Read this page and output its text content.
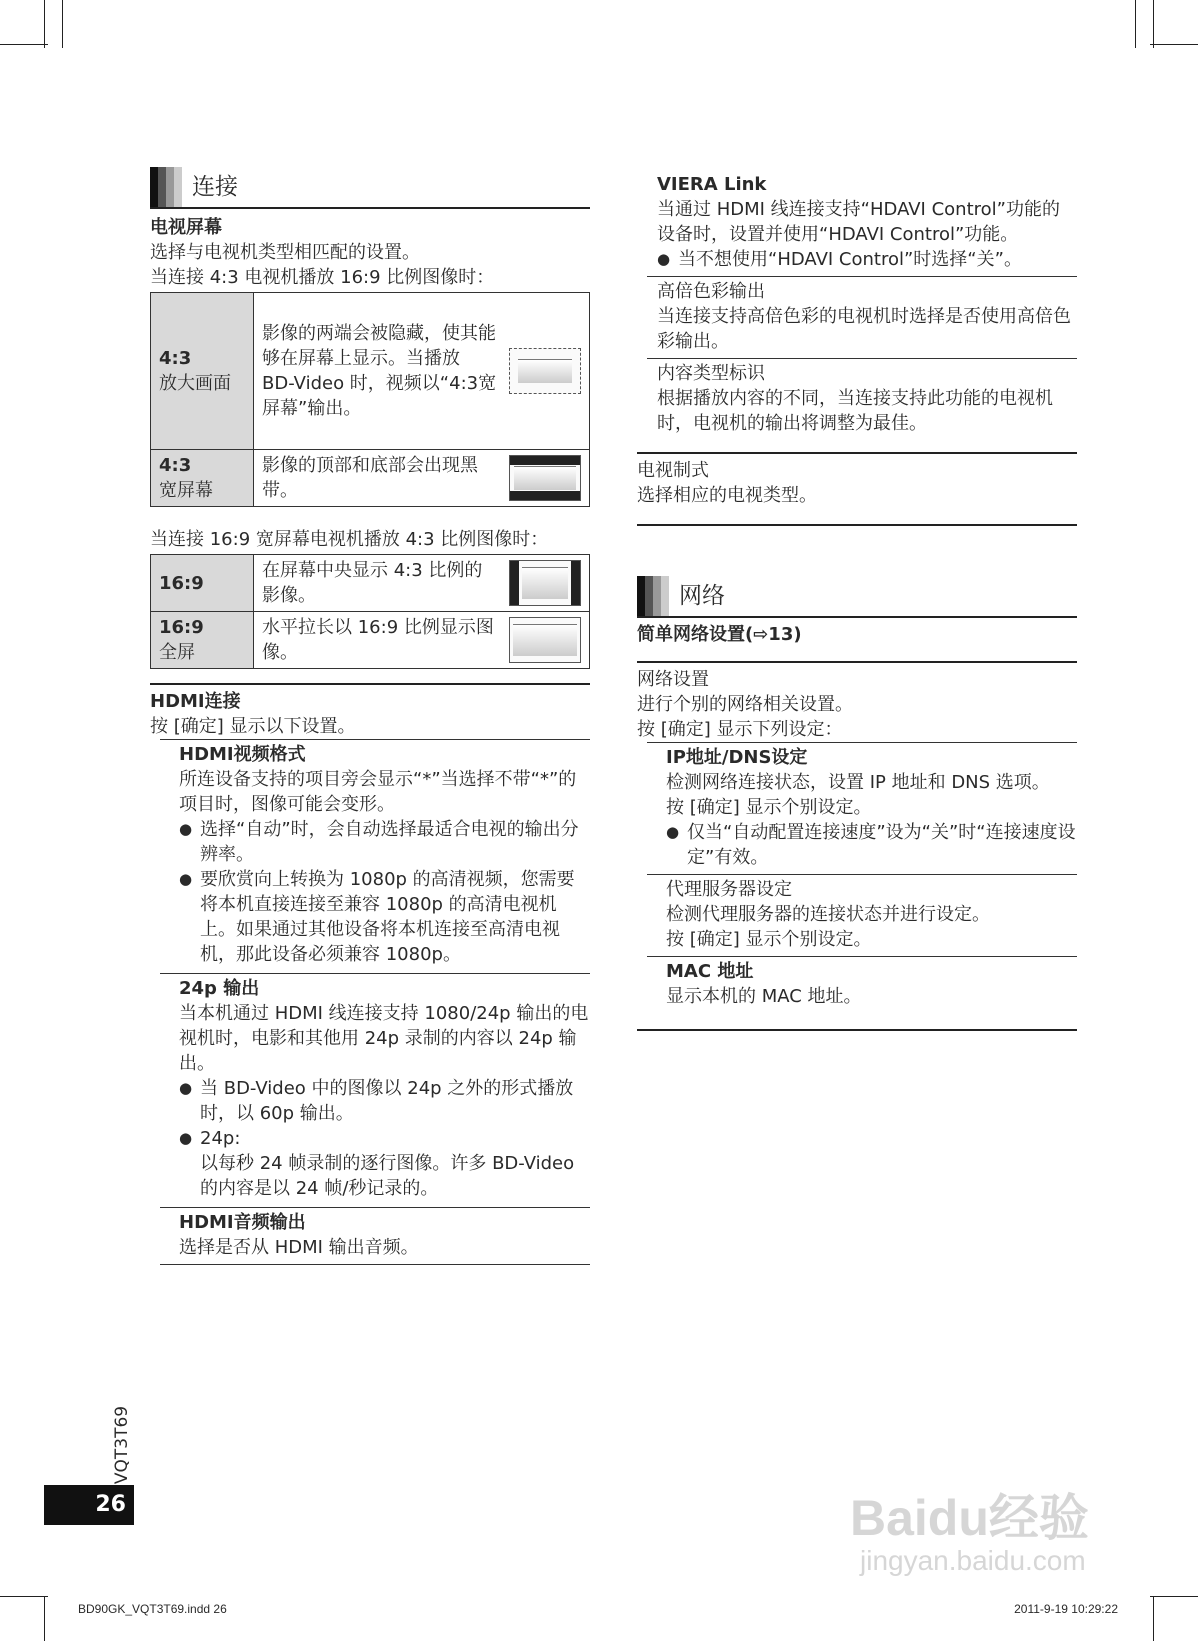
连接
电视屏幕

选择与电视机类型相匹配的设置。

当连接 4:3 电视机播放 16:9 比例图像时：

4:3
放大画面	影像的两端会被隐藏，使其能够在屏幕上显示。当播放 BD-Video 时，视频以“4:3宽屏幕”输出。

4:3
宽屏幕	影像的顶部和底部会出现黑带。

当连接 16:9 宽屏幕电视机播放 4:3 比例图像时：

16:9	在屏幕中央显示 4:3 比例的影像。

16:9
全屏	水平拉长以 16:9 比例显示图像。
HDMI连接

按 [确定] 显示以下设置。

HDMI视频格式

所连设备支持的项目旁会显示“*”当选择不带“*”的项目时，图像可能会变形。

● 选择“自动”时，会自动选择最适合电视的输出分辨率。
● 要欣赏向上转换为 1080p 的高清视频，您需要将本机直接连接至兼容 1080p 的高清电视机上。如果通过其他设备将本机连接至高清电视机，那此设备必须兼容 1080p。
24p 输出

当本机通过 HDMI 线连接支持 1080/24p 输出的电视机时，电影和其他用 24p 录制的内容以 24p 输出。

● 当 BD-Video 中的图像以 24p 之外的形式播放时，以 60p 输出。
● 24p:
以每秒 24 帧录制的逐行图像。许多 BD-Video 的内容是以 24 帧/秒记录的。
HDMI音频输出

选择是否从 HDMI 输出音频。

VIERA Link

当通过 HDMI 线连接支持“HDAVI Control”功能的设备时，设置并使用“HDAVI Control”功能。

● 当不想使用“HDAVI Control”时选择“关”。
高倍色彩输出

当连接支持高倍色彩的电视机时选择是否使用高倍色彩输出。

内容类型标识

根据播放内容的不同，当连接支持此功能的电视机时，电视机的输出将调整为最佳。

电视制式

选择相应的电视类型。

网络
简单网络设置(⇨13)
网络设置

进行个别的网络相关设置。

按 [确定] 显示下列设定：

IP地址/DNS设定

检测网络连接状态，设置 IP 地址和 DNS 选项。

按 [确定] 显示个别设定。

● 仅当“自动配置连接速度”设为“关”时“连接速度设定”有效。
代理服务器设定

检测代理服务器的连接状态并进行设定。

按 [确定] 显示个别设定。

MAC 地址

显示本机的 MAC 地址。

VQT3T69
26
BD90GK_VQT3T69.indd 26	2011-9-19 10:29:22
Baidu经验
jingyan.baidu.com
